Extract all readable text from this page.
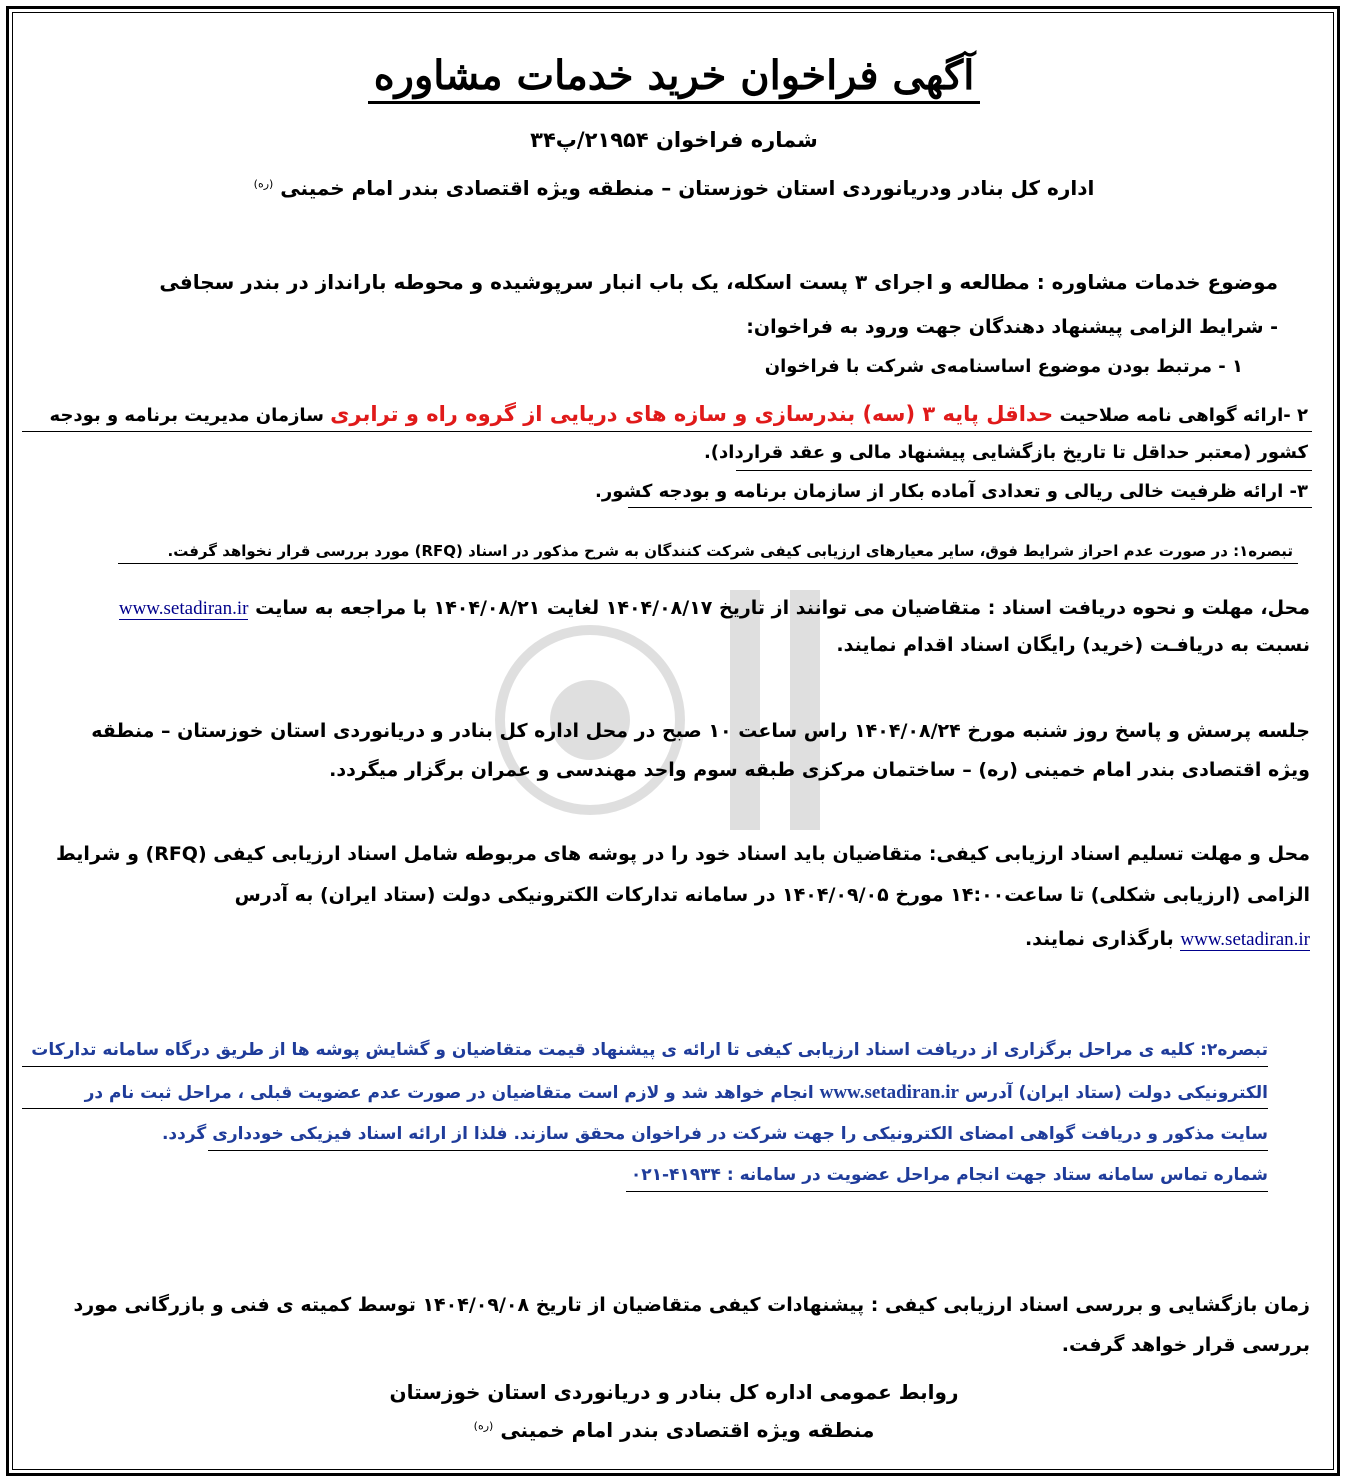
آگهی فراخوان خرید خدمات مشاوره
شماره فراخوان ۲۱۹۵۴/پ۳۴
اداره کل بنادر ودریانوردی استان خوزستان – منطقه ویژه اقتصادی بندر امام خمینی $^{(ره)}$
موضوع خدمات مشاوره : مطالعه و اجرای ۳ پست اسکله، یک باب انبار سرپوشیده و محوطه بارانداز در بندر سجافی
- شرایط الزامی پیشنهاد دهندگان جهت ورود به فراخوان:
۱ - مرتبط بودن موضوع اساسنامه‌ی شرکت با فراخوان
۲ -ارائه گواهی نامه صلاحیت حداقل پایه ۳ (سه) بندرسازی و سازه های دریایی از گروه راه و ترابری سازمان مدیریت برنامه و بودجه
کشور (معتبر حداقل تا تاریخ بازگشایی پیشنهاد مالی و عقد قرارداد).
۳- ارائه ظرفیت خالی ریالی و تعدادی آماده بکار از سازمان برنامه و بودجه کشور.
تبصره۱: در صورت عدم احراز شرایط فوق، سایر معیارهای ارزیابی کیفی شرکت کنندگان به شرح مذکور در اسناد (RFQ) مورد بررسی قرار نخواهد گرفت.
محل، مهلت و نحوه دریافت اسناد : متقاضیان می توانند از تاریخ ۱۴۰۴/۰۸/۱۷ لغایت ۱۴۰۴/۰۸/۲۱ با مراجعه به سایت www.setadiran.ir
نسبت به دریافـت (خرید) رایگان اسناد اقدام نمایند.
جلسه پرسش و پاسخ روز شنبه مورخ ۱۴۰۴/۰۸/۲۴ راس ساعت ۱۰ صبح در محل اداره کل بنادر و دریانوردی استان خوزستان – منطقه
ویژه اقتصادی بندر امام خمینی (ره) – ساختمان مرکزی طبقه سوم واحد مهندسی و عمران برگزار میگردد.
محل و مهلت تسلیم اسناد ارزیابی کیفی: متقاضیان باید اسناد خود را در پوشه های مربوطه شامل اسناد ارزیابی کیفی (RFQ) و شرایط
الزامی (ارزیابی شکلی) تا ساعت۱۴:۰۰ مورخ ۱۴۰۴/۰۹/۰۵ در سامانه تدارکات الکترونیکی دولت (ستاد ایران) به آدرس
www.setadiran.ir بارگذاری نمایند.
تبصره۲: کلیه ی مراحل برگزاری از دریافت اسناد ارزیابی کیفی تا ارائه ی پیشنهاد قیمت متقاضیان و گشایش پوشه ها از طریق درگاه سامانه تدارکات
الکترونیکی دولت (ستاد ایران) آدرس www.setadiran.ir انجام خواهد شد و لازم است متقاضیان در صورت عدم عضویت قبلی ، مراحل ثبت نام در
سایت مذکور و دریافت گواهی امضای الکترونیکی را جهت شرکت در فراخوان محقق سازند. فلذا از ارائه اسناد فیزیکی خودداری گردد.
شماره تماس سامانه ستاد جهت انجام مراحل عضویت در سامانه : ۴۱۹۳۴-۰۲۱
زمان بازگشایی و بررسی اسناد ارزیابی کیفی : پیشنهادات کیفی متقاضیان از تاریخ ۱۴۰۴/۰۹/۰۸ توسط کمیته ی فنی و بازرگانی مورد
بررسی قرار خواهد گرفت.
روابط عمومی اداره کل بنادر و دریانوردی استان خوزستان
منطقه ویژه اقتصادی بندر امام خمینی $^{(ره)}$
